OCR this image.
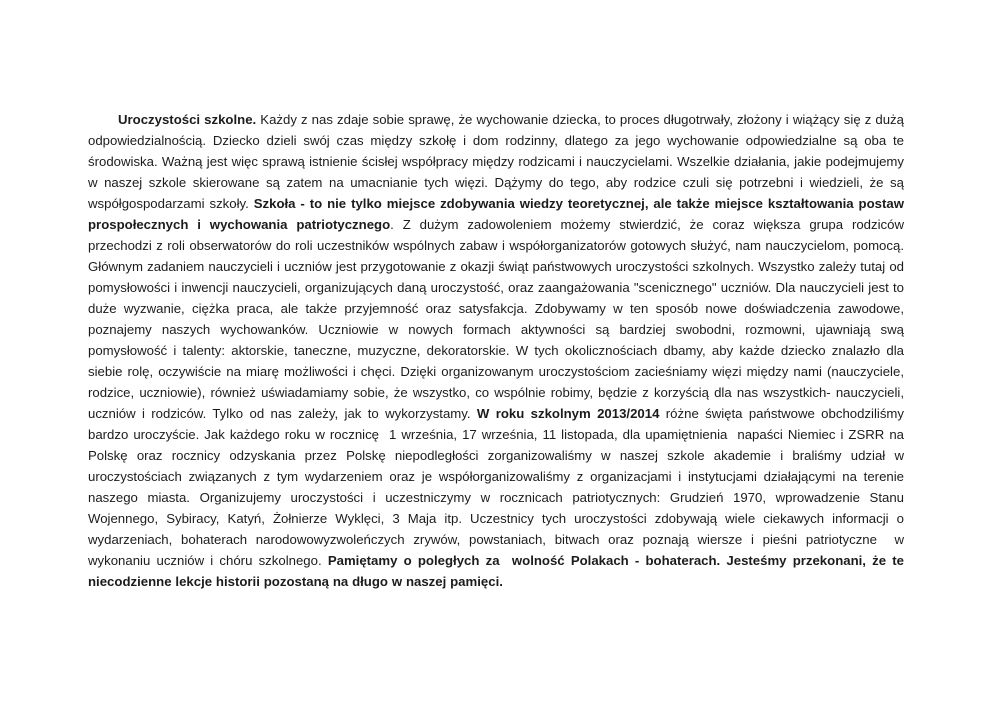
Uroczystości szkolne. Każdy z nas zdaje sobie sprawę, że wychowanie dziecka, to proces długotrwały, złożony i wiążący się z dużą odpowiedzialnością. Dziecko dzieli swój czas między szkołę i dom rodzinny, dlatego za jego wychowanie odpowiedzialne są oba te środowiska. Ważną jest więc sprawą istnienie ścisłej współpracy między rodzicami i nauczycielami. Wszelkie działania, jakie podejmujemy w naszej szkole skierowane są zatem na umacnianie tych więzi. Dążymy do tego, aby rodzice czuli się potrzebni i wiedzieli, że są współgospodarzami szkoły. Szkoła - to nie tylko miejsce zdobywania wiedzy teoretycznej, ale także miejsce kształtowania postaw prospołecznych i wychowania patriotycznego. Z dużym zadowoleniem możemy stwierdzić, że coraz większa grupa rodziców przechodzi z roli obserwatorów do roli uczestników wspólnych zabaw i współorganizatorów gotowych służyć, nam nauczycielom, pomocą. Głównym zadaniem nauczycieli i uczniów jest przygotowanie z okazji świąt państwowych uroczystości szkolnych. Wszystko zależy tutaj od pomysłowości i inwencji nauczycieli, organizujących daną uroczystość, oraz zaangażowania "scenicznego" uczniów. Dla nauczycieli jest to duże wyzwanie, ciężka praca, ale także przyjemność oraz satysfakcja. Zdobywamy w ten sposób nowe doświadczenia zawodowe, poznajemy naszych wychowanków. Uczniowie w nowych formach aktywności są bardziej swobodni, rozmowni, ujawniają swą pomysłowość i talenty: aktorskie, taneczne, muzyczne, dekoratorskie. W tych okolicznościach dbamy, aby każde dziecko znalazło dla siebie rolę, oczywiście na miarę możliwości i chęci. Dzięki organizowanym uroczystościom zacieśniamy więzi między nami (nauczyciele, rodzice, uczniowie), również uświadamiamy sobie, że wszystko, co wspólnie robimy, będzie z korzyścią dla nas wszystkich- nauczycieli, uczniów i rodziców. Tylko od nas zależy, jak to wykorzystamy. W roku szkolnym 2013/2014 różne święta państwowe obchodziliśmy bardzo uroczyście. Jak każdego roku w rocznicę  1 września, 17 września, 11 listopada, dla upamiętnienia  napaści Niemiec i ZSRR na Polskę oraz rocznicy odzyskania przez Polskę niepodległości zorganizowaliśmy w naszej szkole akademie i braliśmy udział w uroczystościach związanych z tym wydarzeniem oraz je współorganizowaliśmy z organizacjami i instytucjami działającymi na terenie naszego miasta. Organizujemy uroczystości i uczestniczymy w rocznicach patriotycznych: Grudzień 1970, wprowadzenie Stanu Wojennego, Sybiracy, Katyń, Żołnierze Wyklęci, 3 Maja itp. Uczestnicy tych uroczystości zdobywają wiele ciekawych informacji o wydarzeniach, bohaterach narodowowyzwoleńczych zrywów, powstaniach, bitwach oraz poznają wiersze i pieśni patriotyczne  w wykonaniu uczniów i chóru szkolnego. Pamiętamy o poległych za  wolność Polakach - bohaterach. Jesteśmy przekonani, że te niecodzienne lekcje historii pozostaną na długo w naszej pamięci.
